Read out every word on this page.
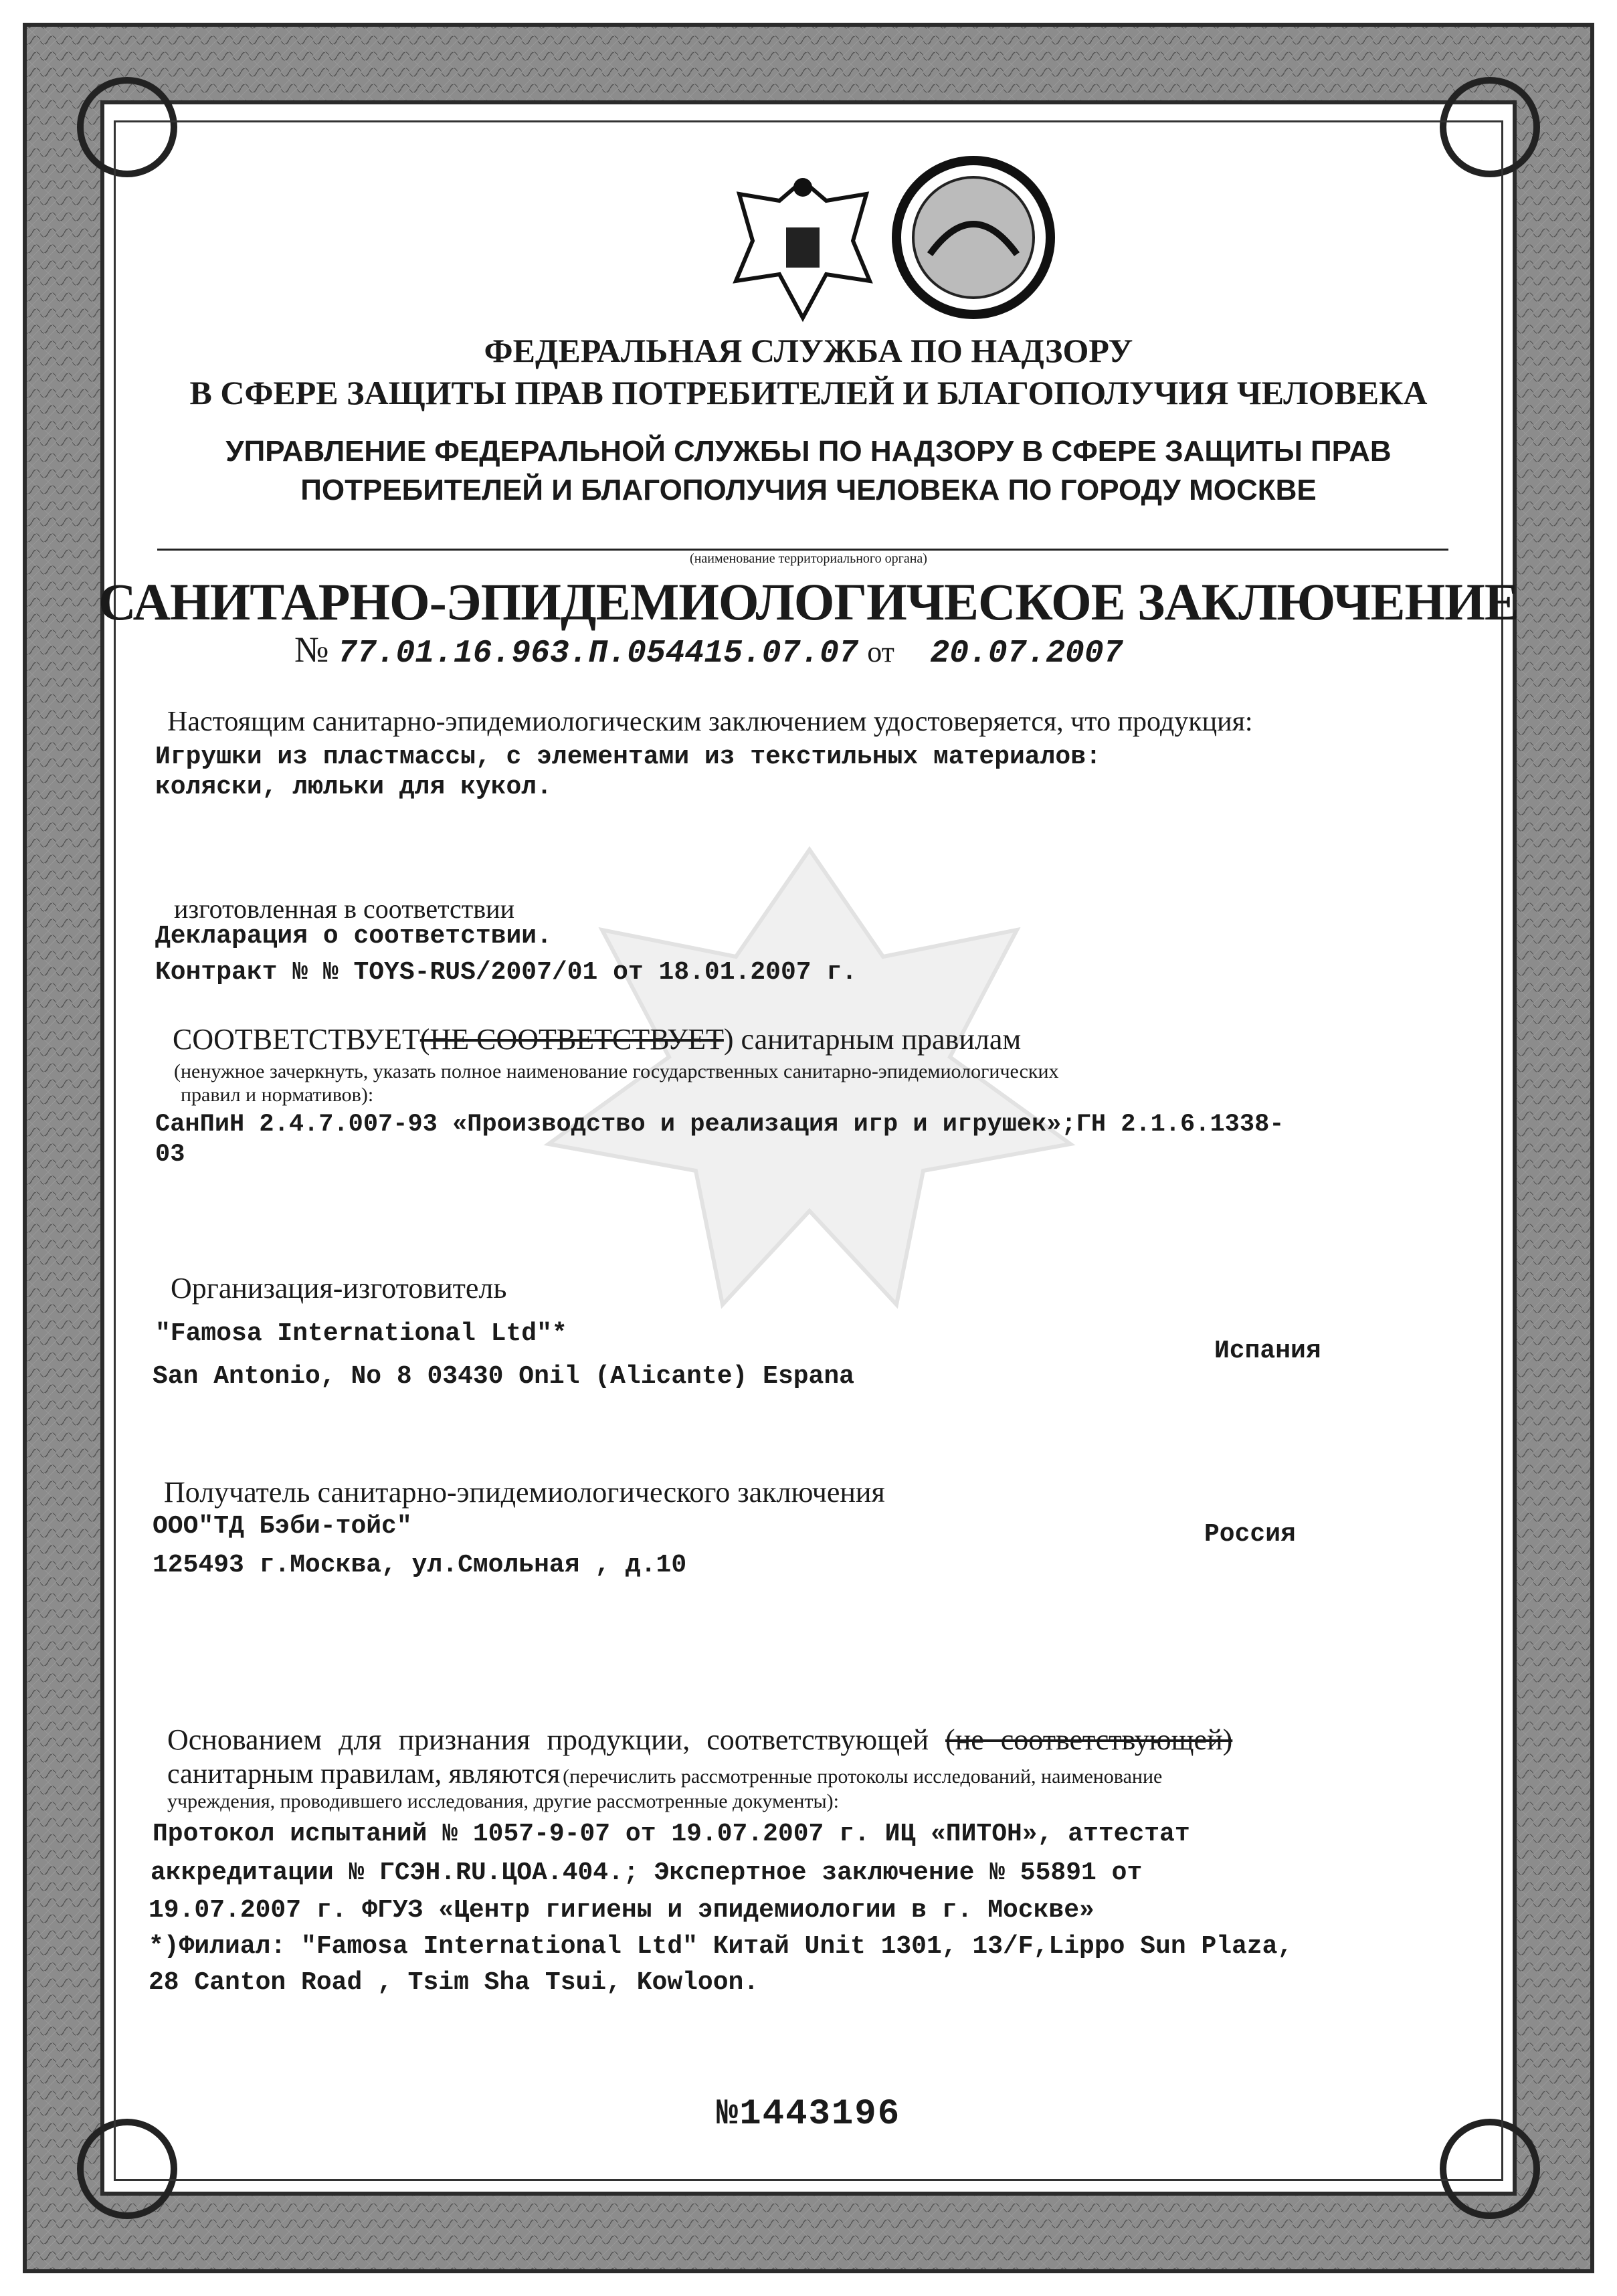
ФЕДЕРАЛЬНАЯ СЛУЖБА ПО НАДЗОРУ
В СФЕРЕ ЗАЩИТЫ ПРАВ ПОТРЕБИТЕЛЕЙ И БЛАГОПОЛУЧИЯ ЧЕЛОВЕКА
УПРАВЛЕНИЕ ФЕДЕРАЛЬНОЙ СЛУЖБЫ ПО НАДЗОРУ В СФЕРЕ ЗАЩИТЫ ПРАВ
ПОТРЕБИТЕЛЕЙ И БЛАГОПОЛУЧИЯ ЧЕЛОВЕКА ПО ГОРОДУ МОСКВЕ
(наименование территориального органа)
САНИТАРНО-ЭПИДЕМИОЛОГИЧЕСКОЕ ЗАКЛЮЧЕНИЕ
№ 77.01.16.963.П.054415.07.07 от 20.07.2007
Настоящим санитарно-эпидемиологическим заключением удостоверяется, что продукция:
Игрушки из пластмассы, с элементами из текстильных материалов:
коляски, люльки для кукол.
изготовленная в соответствии
Декларация о соответствии.
Контракт № № TOYS-RUS/2007/01 от 18.01.2007 г.
СООТВЕТСТВУЕТ(НЕ СООТВЕТСТВУЕТ) санитарным правилам
(ненужное зачеркнуть, указать полное наименование государственных санитарно-эпидемиологических
правил и нормативов):
СанПиН 2.4.7.007-93 «Производство и реализация игр и игрушек»;ГН 2.1.6.1338-
03
Организация-изготовитель
"Famosa International Ltd"*
Испания
San Antonio, No 8 03430 Onil (Alicante) Espana
Получатель санитарно-эпидемиологического заключения
ООО"ТД Бэби-тойс"	Россия
125493 г.Москва, ул.Смольная , д.10
Основанием для признания продукции, соответствующей (не соответствующей)
санитарным правилам, являются (перечислить рассмотренные протоколы исследований, наименование
учреждения, проводившего исследования, другие рассмотренные документы):
Протокол испытаний № 1057-9-07 от 19.07.2007 г. ИЦ «ПИТОН», аттестат
аккредитации № ГСЭН.RU.ЦОА.404.; Экспертное заключение № 55891 от
19.07.2007 г. ФГУЗ «Центр гигиены и эпидемиологии в г. Москве»
*)Филиал: "Famosa International Ltd" Китай Unit 1301, 13/F,Lippo Sun Plaza,
28 Canton Road , Tsim Sha Tsui, Kowloon.
№1443196
